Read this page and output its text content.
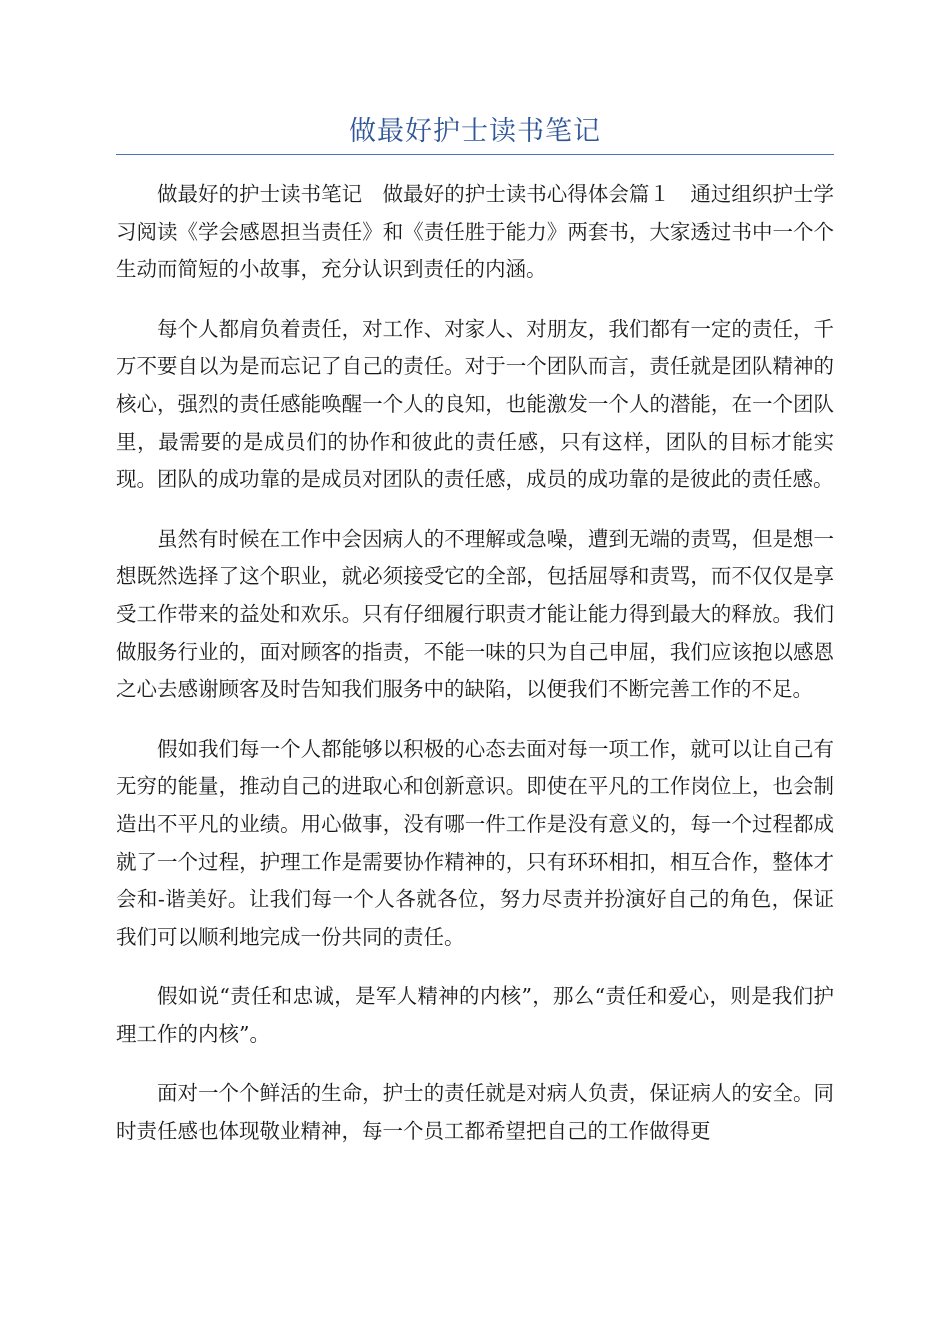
做最好护士读书笔记

做最好的护士读书笔记　做最好的护士读书心得体会篇１　通过组织护士学习阅读《学会感恩担当责任》和《责任胜于能力》两套书，大家透过书中一个个生动而简短的小故事，充分认识到责任的内涵。

每个人都肩负着责任，对工作、对家人、对朋友，我们都有一定的责任，千万不要自以为是而忘记了自己的责任。对于一个团队而言，责任就是团队精神的核心，强烈的责任感能唤醒一个人的良知，也能激发一个人的潜能，在一个团队里，最需要的是成员们的协作和彼此的责任感，只有这样，团队的目标才能实现。团队的成功靠的是成员对团队的责任感，成员的成功靠的是彼此的责任感。

虽然有时候在工作中会因病人的不理解或急噪，遭到无端的责骂，但是想一想既然选择了这个职业，就必须接受它的全部，包括屈辱和责骂，而不仅仅是享受工作带来的益处和欢乐。只有仔细履行职责才能让能力得到最大的释放。我们做服务行业的，面对顾客的指责，不能一味的只为自己申屈，我们应该抱以感恩之心去感谢顾客及时告知我们服务中的缺陷，以便我们不断完善工作的不足。

假如我们每一个人都能够以积极的心态去面对每一项工作，就可以让自己有无穷的能量，推动自己的进取心和创新意识。即使在平凡的工作岗位上，也会制造出不平凡的业绩。用心做事，没有哪一件工作是没有意义的，每一个过程都成就了一个过程，护理工作是需要协作精神的，只有环环相扣，相互合作，整体才会和-谐美好。让我们每一个人各就各位，努力尽责并扮演好自己的角色，保证我们可以顺利地完成一份共同的责任。

假如说“责任和忠诚，是军人精神的内核”，那么“责任和爱心，则是我们护理工作的内核”。

面对一个个鲜活的生命，护士的责任就是对病人负责，保证病人的安全。同时责任感也体现敬业精神，每一个员工都希望把自己的工作做得更
